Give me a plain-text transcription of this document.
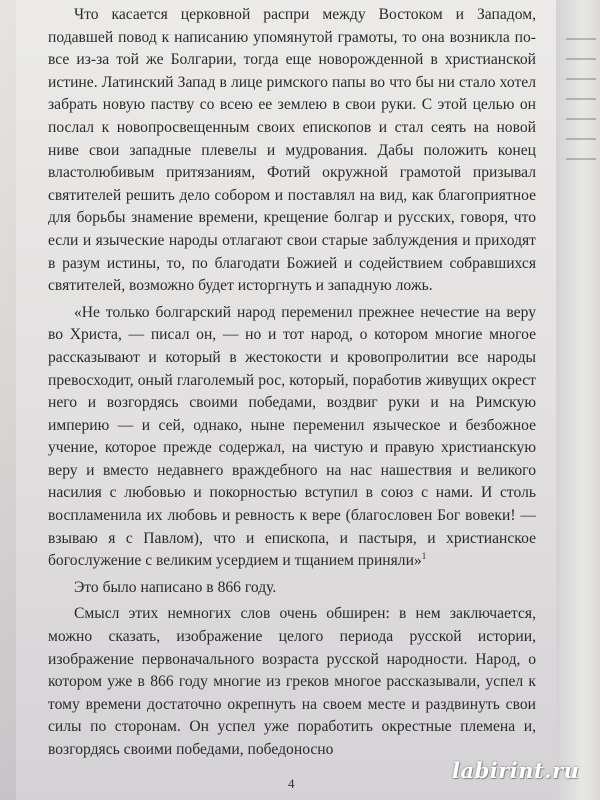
Что касается церковной распри между Востоком и Западом, подавшей повод к написанию упомянутой грамоты, то она возникла по-все из-за той же Болгарии, тогда еще новорожденной в христианской истине. Латинский Запад в лице римского папы во что бы ни стало хотел забрать новую паству со всею ее землею в свои руки. С этой целью он послал к новопросвещенным своих епископов и стал сеять на новой ниве свои западные плевелы и мудрования. Дабы положить конец властолюбивым притязаниям, Фотий окружной грамотой призывал святителей решить дело собором и поставлял на вид, как благоприятное для борьбы знамение времени, крещение болгар и русских, говоря, что если и языческие народы отлагают свои старые заблуждения и приходят в разум истины, то, по благодати Божией и содействием собравшихся святителей, возможно будет исторгнуть и западную ложь.

«Не только болгарский народ переменил прежнее нечестие на веру во Христа, — писал он, — но и тот народ, о котором многие многое рассказывают и который в жестокости и кровопролитии все народы превосходит, оный глаголемый рос, который, поработив живущих окрест него и возгордясь своими победами, воздвиг руки и на Римскую империю — и сей, однако, ныне переменил языческое и безбожное учение, которое прежде содержал, на чистую и правую христианскую веру и вместо недавнего враждебного на нас нашествия и великого насилия с любовью и покорностью вступил в союз с нами. И столь воспламенила их любовь и ревность к вере (благословен Бог вовеки! — взываю я с Павлом), что и епископа, и пастыря, и христианское богослужение с великим усердием и тщанием приняли»$^1$

Это было написано в 866 году.

Смысл этих немногих слов очень обширен: в нем заключается, можно сказать, изображение целого периода русской истории, изображение первоначального возраста русской народности. Народ, о котором уже в 866 году многие из греков многое рассказывали, успел к тому времени достаточно окрепнуть на своем месте и раздвинуть свои силы по сторонам. Он успел уже поработить окрестные племена и, возгордясь своими победами, победоносно

4
labirint.ru
